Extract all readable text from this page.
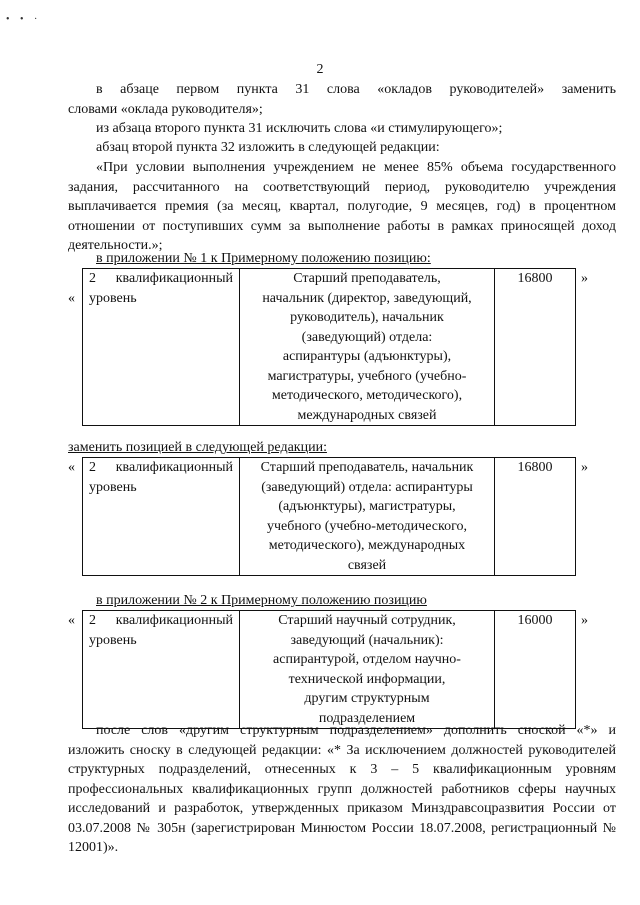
• • ·
2

в абзаце первом пункта 31 слова «окладов руководителей» заменить

словами «оклада руководителя»;

из абзаца второго пункта 31 исключить слова «и стимулирующего»;

абзац второй пункта 32 изложить в следующей редакции:

«При условии выполнения учреждением не менее 85% объема государственного задания, рассчитанного на соответствующий период, руководителю учреждения выплачивается премия (за месяц, квартал, полугодие, 9 месяцев, год) в процентном отношении от поступивших сумм за выполнение работы в рамках приносящей доход деятельности.»;

в приложении № 1 к Примерному положению позицию:

«
2 квалификационный
уровень
	Старший преподаватель, начальник (директор, заведующий, руководитель), начальник (заведующий) отдела: аспирантуры (адъюнктуры), магистратуры, учебного (учебно-методического, методического), международных связей	16800 »

заменить позицией в следующей редакции:

« 2 квалификационный
уровень
	Старший преподаватель, начальник (заведующий) отдела: аспирантуры (адъюнктуры), магистратуры, учебного (учебно-методического, методического), международных связей	16800 »

в приложении № 2 к Примерному положению позицию

« 2 квалификационный
уровень
	Старший научный сотрудник, заведующий (начальник): аспирантурой, отделом научно-технической информации, другим структурным подразделением	16000 »

после слов «другим структурным подразделением» дополнить сноской «*» и изложить сноску в следующей редакции: «* За исключением должностей руководителей структурных подразделений, отнесенных к 3 – 5 квалификационным уровням профессиональных квалификационных групп должностей работников сферы научных исследований и разработок, утвержденных приказом Минздравсоцразвития России от 03.07.2008 № 305н (зарегистрирован Минюстом России 18.07.2008, регистрационный № 12001)».
